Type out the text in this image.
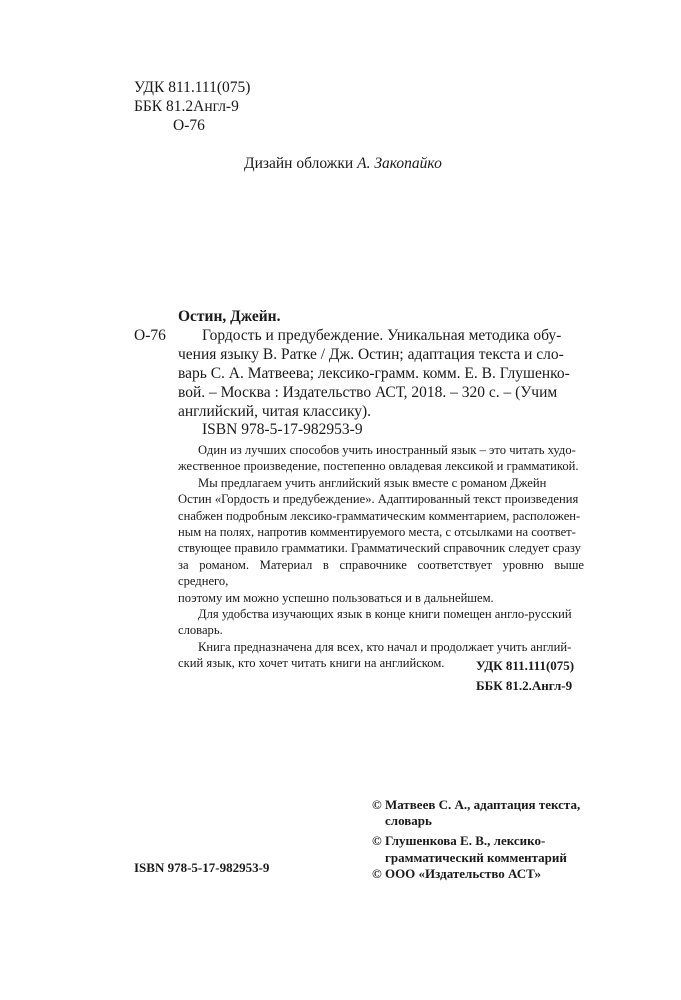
УДК 811.111(075)
ББК 81.2Англ-9
О-76
Дизайн обложки А. Закопайко
Остин, Джейн.
О-76 Гордость и предубеждение. Уникальная методика обу-
чения языку В. Ратке / Дж. Остин; адаптация текста и сло-
варь С. А. Матвеева; лексико-грамм. комм. Е. В. Глушенко-
вой. – Москва : Издательство АСТ, 2018. – 320 с. – (Учим
английский, читая классику).
ISBN 978-5-17-982953-9
Один из лучших способов учить иностранный язык – это читать худо-
жественное произведение, постепенно овладевая лексикой и грамматикой.
Мы предлагаем учить английский язык вместе с романом Джейн
Остин «Гордость и предубеждение». Адаптированный текст произведения
снабжен подробным лексико-грамматическим комментарием, расположен-
ным на полях, напротив комментируемого места, с отсылками на соответ-
ствующее правило грамматики. Грамматический справочник следует сразу
за романом. Материал в справочнике соответствует уровню выше среднего,
поэтому им можно успешно пользоваться и в дальнейшем.
Для удобства изучающих язык в конце книги помещен англо-русский
словарь.
Книга предназначена для всех, кто начал и продолжает учить англий-
ский язык, кто хочет читать книги на английском.	УДК 811.111(075)
ББК 81.2.Англ-9
ISBN 978-5-17-982953-9
© Матвеев С. А., адаптация текста,
словарь
© Глушенкова Е. В., лексико-
грамматический комментарий
© ООО «Издательство АСТ»
